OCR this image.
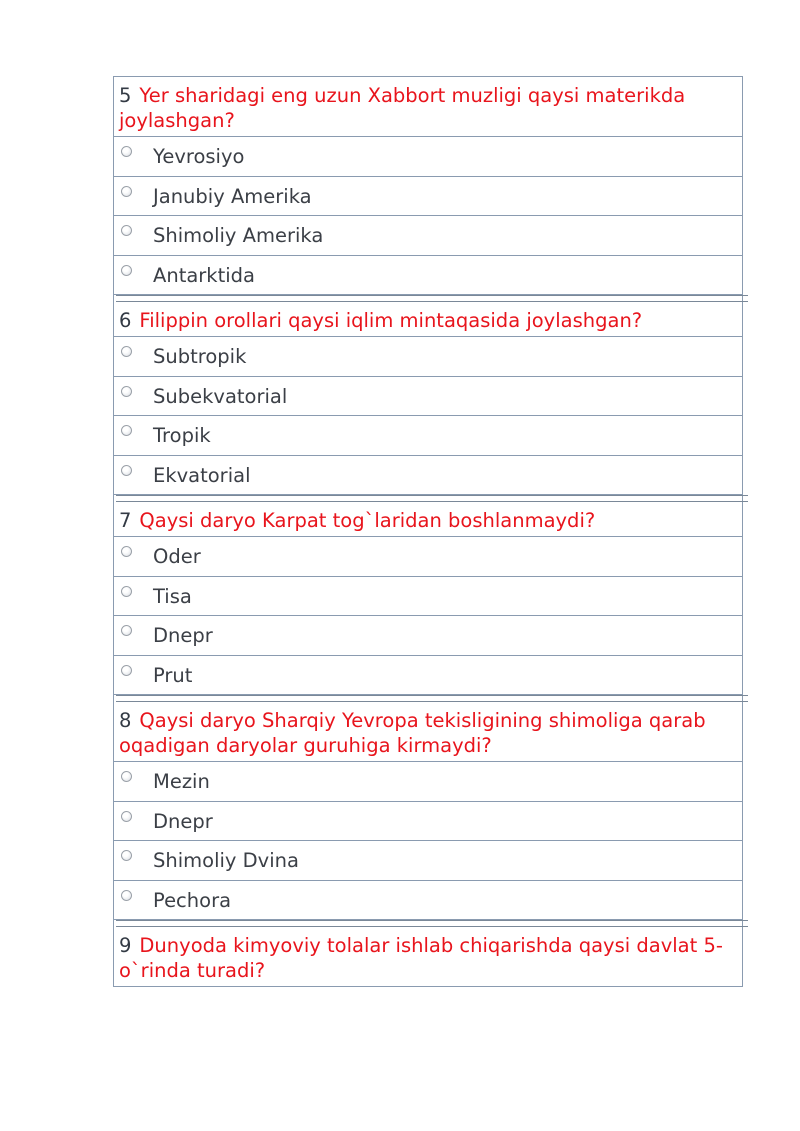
5 Yer sharidagi eng uzun Xabbort muzligi qaysi materikda joylashgan?
Yevrosiyo
Janubiy Amerika
Shimoliy Amerika
Antarktida
6 Filippin orollari qaysi iqlim mintaqasida joylashgan?
Subtropik
Subekvatorial
Tropik
Ekvatorial
7 Qaysi daryo Karpat tog`laridan boshlanmaydi?
Oder
Tisa
Dnepr
Prut
8 Qaysi daryo Sharqiy Yevropa tekisligining shimoliga qarab oqadigan daryolar guruhiga kirmaydi?
Mezin
Dnepr
Shimoliy Dvina
Pechora
9 Dunyoda kimyoviy tolalar ishlab chiqarishda qaysi davlat 5-o`rinda turadi?
